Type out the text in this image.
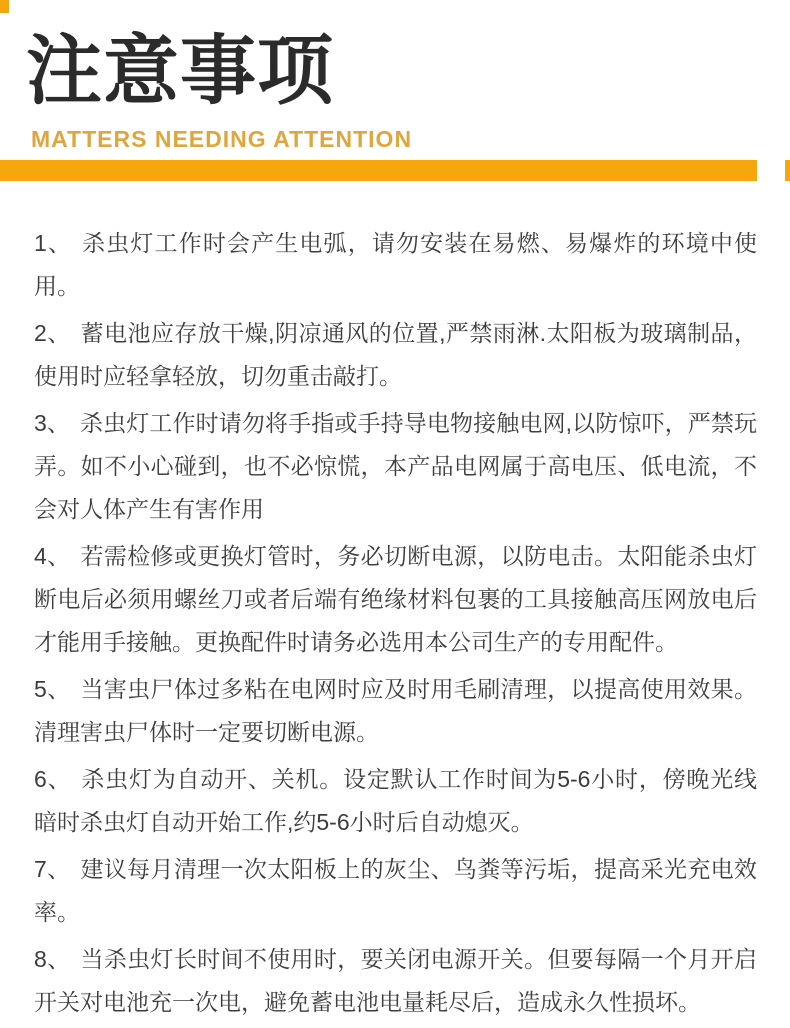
注意事项
MATTERS NEEDING ATTENTION

1、 杀虫灯工作时会产生电弧，请勿安装在易燃、易爆炸的环境中使用。

2、 蓄电池应存放干燥,阴凉通风的位置,严禁雨淋.太阳板为玻璃制品，使用时应轻拿轻放，切勿重击敲打。

3、 杀虫灯工作时请勿将手指或手持导电物接触电网,以防惊吓，严禁玩弄。如不小心碰到，也不必惊慌，本产品电网属于高电压、低电流，不会对人体产生有害作用

4、 若需检修或更换灯管时，务必切断电源，以防电击。太阳能杀虫灯断电后必须用螺丝刀或者后端有绝缘材料包裹的工具接触高压网放电后才能用手接触。更换配件时请务必选用本公司生产的专用配件。

5、 当害虫尸体过多粘在电网时应及时用毛刷清理，以提高使用效果。清理害虫尸体时一定要切断电源。

6、 杀虫灯为自动开、关机。设定默认工作时间为5-6小时，傍晚光线暗时杀虫灯自动开始工作,约5-6小时后自动熄灭。

7、 建议每月清理一次太阳板上的灰尘、鸟粪等污垢，提高采光充电效率。

8、 当杀虫灯长时间不使用时，要关闭电源开关。但要每隔一个月开启开关对电池充一次电，避免蓄电池电量耗尽后，造成永久性损坏。
